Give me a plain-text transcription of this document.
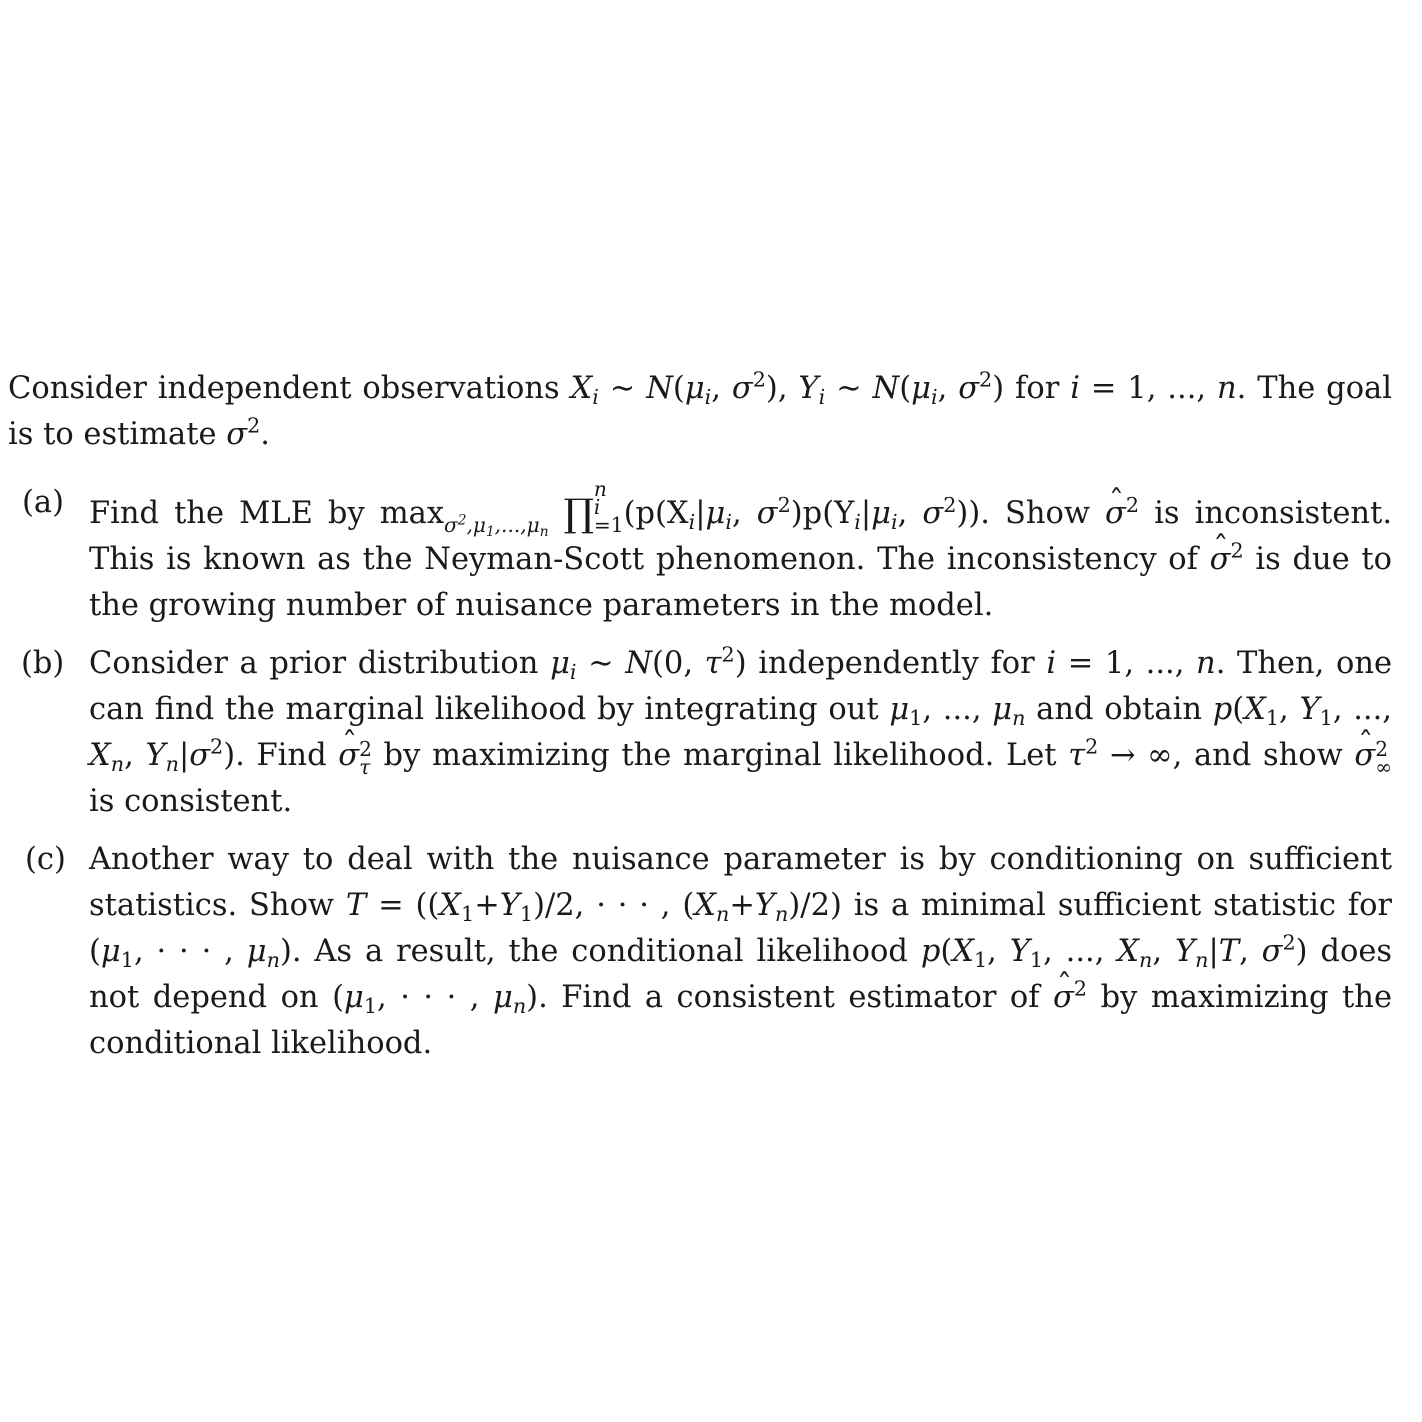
Consider independent observations $X_i$ ∼ $N(\mu_i$, $\sigma^2$), $Y_i$ ∼ $N(\mu_i$, $\sigma^2$) for i = 1, ..., n. The goal is to estimate $\sigma^2$.

(a) Find the MLE by max
$\sigma^2,\mu_1,...,\mu_n$ ∏
n
i
=1 ($p(X_i|\mu_i$, $\sigma^2)p(Y_i|\mu_i$, $\sigma^2$)). Show ˆ $\sigma^2$ is inconsistent. This is known as the Neyman-Scott phenomenon. The inconsistency of ˆ $\sigma^2$ is due to the growing number of nuisance parameters in the model.
(b) Consider a prior distribution $\mu_i$ ∼ N(0, $\tau^2$) independently for i = 1, ..., n. Then, one can find the marginal likelihood by integrating out $\mu_1$, ..., $\mu_n$ and obtain $p(X_1$, $Y_1$, ..., $X_n$, $Y_n|\sigma^2$). Find ˆ σ 2
τ by maximizing the marginal likelihood. Let $\tau^2$ → ∞, and show ˆ σ 2
∞
is consistent.
(c) Another way to deal with the nuisance parameter is by conditioning on sufficient statistics. Show $T = ((X_1+Y_1)/2$, · · · , $(X_n+Y_n)/2$) is a minimal sufficient statistic for ($\mu_1$, · · · , $\mu_n$). As a result, the conditional likelihood $p(X_1$, $Y_1$, ..., $X_n$, $Y_n|T$, $\sigma^2$) does not depend on ($\mu_1$, · · · , $\mu_n$). Find a consistent estimator of ˆ $\sigma^2$ by maximizing the conditional likelihood.
